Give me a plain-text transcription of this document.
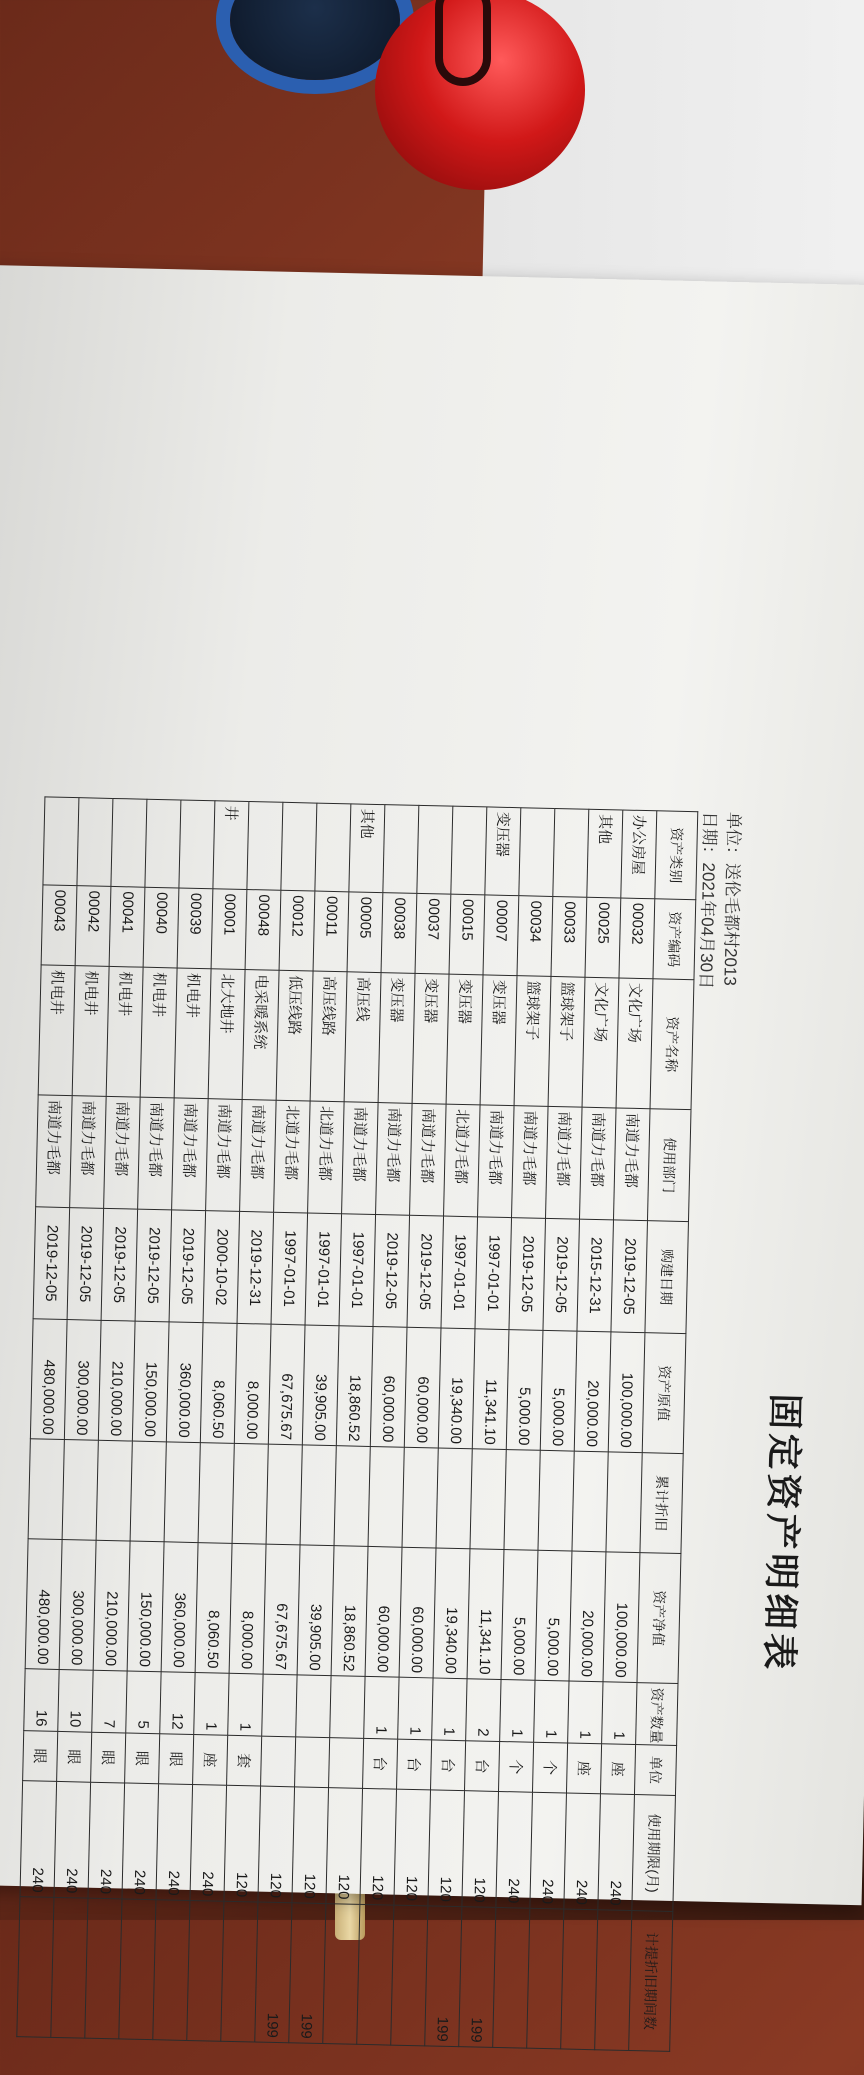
固定资产明细表
单位：送伦毛都村2013
日期：2021年04月30日
资产类别	资产编码	资产名称	使用部门	购建日期	资产原值	累计折旧	资产净值	资产数量	单位	使用期限(月)	计提折旧期间数
办公房屋	00032	文化广场	南道力毛都	2019-12-05	100,000.00		100,000.00	1	座	240	
其他	00025	文化广场	南道力毛都	2015-12-31	20,000.00		20,000.00	1	座	240	
	00033	篮球架子	南道力毛都	2019-12-05	5,000.00		5,000.00	1	个	240	
	00034	篮球架子	南道力毛都	2019-12-05	5,000.00		5,000.00	1	个	240	
变压器	00007	变压器	南道力毛都	1997-01-01	11,341.10		11,341.10	2	台	120	199
	00015	变压器	北道力毛都	1997-01-01	19,340.00		19,340.00	1	台	120	199
	00037	变压器	南道力毛都	2019-12-05	60,000.00		60,000.00	1	台	120	
	00038	变压器	南道力毛都	2019-12-05	60,000.00		60,000.00	1	台	120	
其他	00005	高压线	南道力毛都	1997-01-01	18,860.52		18,860.52			120	
	00011	高压线路	北道力毛都	1997-01-01	39,905.00		39,905.00			120	199
	00012	低压线路	北道力毛都	1997-01-01	67,675.67		67,675.67			120	199
	00048	电采暖系统	南道力毛都	2019-12-31	8,000.00		8,000.00	1	套	120	
井	00001	北大地井	南道力毛都	2000-10-02	8,060.50		8,060.50	1	座	240	
	00039	机电井	南道力毛都	2019-12-05	360,000.00		360,000.00	12	眼	240	
	00040	机电井	南道力毛都	2019-12-05	150,000.00		150,000.00	5	眼	240	
	00041	机电井	南道力毛都	2019-12-05	210,000.00		210,000.00	7	眼	240	
	00042	机电井	南道力毛都	2019-12-05	300,000.00		300,000.00	10	眼	240	
	00043	机电井	南道力毛都	2019-12-05	480,000.00		480,000.00	16	眼	240	
